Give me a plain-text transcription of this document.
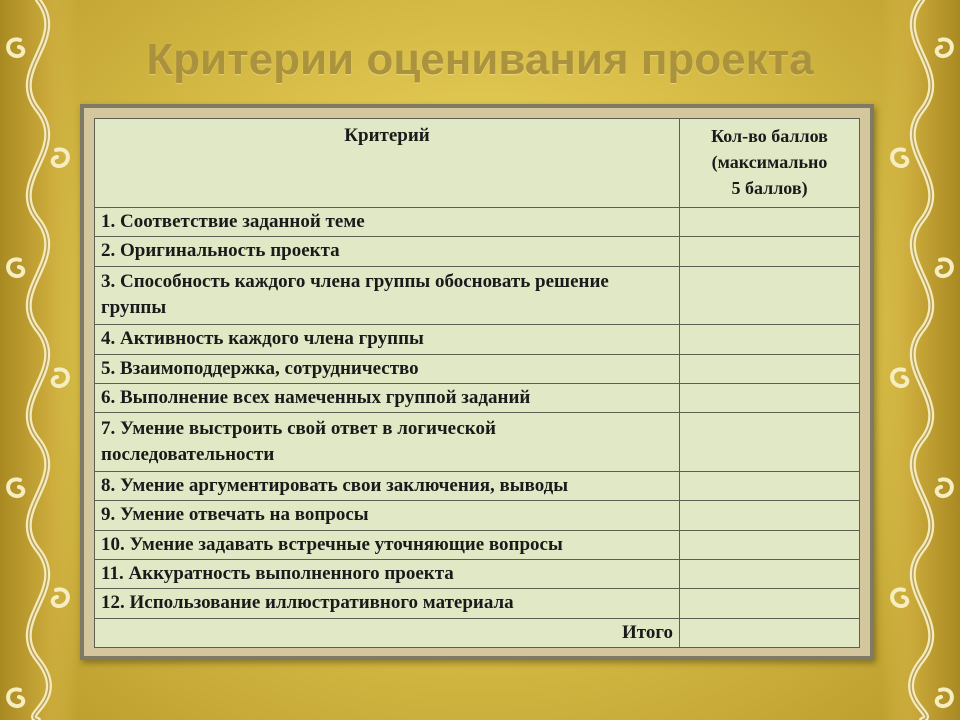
Критерии оценивания проекта
Критерий	Кол-во баллов
(максимально
5 баллов)

1. Соответствие заданной теме	
2. Оригинальность проекта	
3. Способность каждого члена группы обосновать решение группы	
4. Активность каждого члена группы	
5. Взаимоподдержка, сотрудничество	
6. Выполнение всех намеченных группой заданий	
7. Умение выстроить свой ответ в логической последовательности	
8. Умение аргументировать свои заключения, выводы	
9. Умение отвечать на вопросы	
10. Умение задавать встречные уточняющие вопросы	
11. Аккуратность выполненного проекта	
12. Использование иллюстративного материала	
Итого	
